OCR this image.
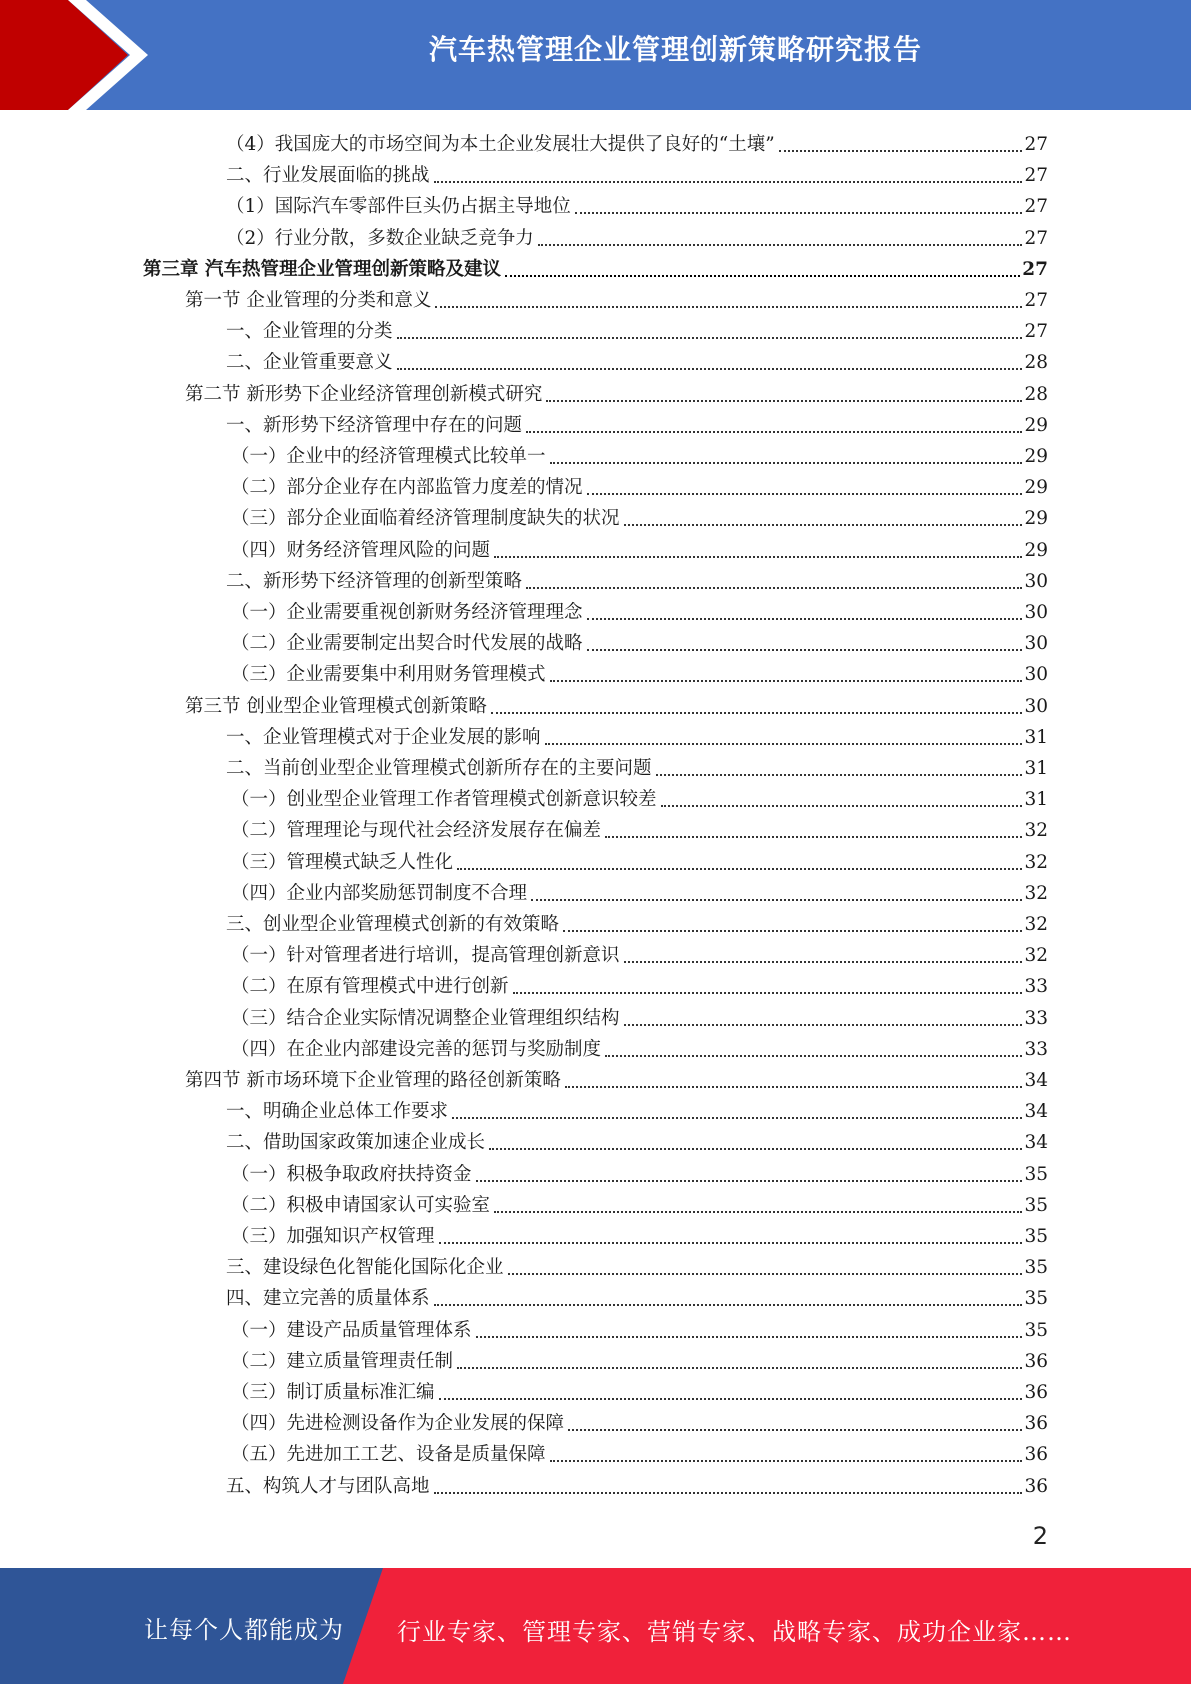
汽车热管理企业管理创新策略研究报告
（4）我国庞大的市场空间为本土企业发展壮大提供了良好的“土壤”	27
二、行业发展面临的挑战	27
（1）国际汽车零部件巨头仍占据主导地位	27
（2）行业分散，多数企业缺乏竞争力	27
第三章 汽车热管理企业管理创新策略及建议	27
第一节 企业管理的分类和意义	27
一、企业管理的分类	27
二、企业管重要意义	28
第二节 新形势下企业经济管理创新模式研究	28
一、新形势下经济管理中存在的问题	29
（一）企业中的经济管理模式比较单一	29
（二）部分企业存在内部监管力度差的情况	29
（三）部分企业面临着经济管理制度缺失的状况	29
（四）财务经济管理风险的问题	29
二、新形势下经济管理的创新型策略	30
（一）企业需要重视创新财务经济管理理念	30
（二）企业需要制定出契合时代发展的战略	30
（三）企业需要集中利用财务管理模式	30
第三节 创业型企业管理模式创新策略	30
一、企业管理模式对于企业发展的影响	31
二、当前创业型企业管理模式创新所存在的主要问题	31
（一）创业型企业管理工作者管理模式创新意识较差	31
（二）管理理论与现代社会经济发展存在偏差	32
（三）管理模式缺乏人性化	32
（四）企业内部奖励惩罚制度不合理	32
三、创业型企业管理模式创新的有效策略	32
（一）针对管理者进行培训，提高管理创新意识	32
（二）在原有管理模式中进行创新	33
（三）结合企业实际情况调整企业管理组织结构	33
（四）在企业内部建设完善的惩罚与奖励制度	33
第四节 新市场环境下企业管理的路径创新策略	34
一、明确企业总体工作要求	34
二、借助国家政策加速企业成长	34
（一）积极争取政府扶持资金	35
（二）积极申请国家认可实验室	35
（三）加强知识产权管理	35
三、建设绿色化智能化国际化企业	35
四、建立完善的质量体系	35
（一）建设产品质量管理体系	35
（二）建立质量管理责任制	36
（三）制订质量标准汇编	36
（四）先进检测设备作为企业发展的保障	36
（五）先进加工工艺、设备是质量保障	36
五、构筑人才与团队高地	36
2
让每个人都能成为 行业专家、管理专家、营销专家、战略专家、成功企业家……
